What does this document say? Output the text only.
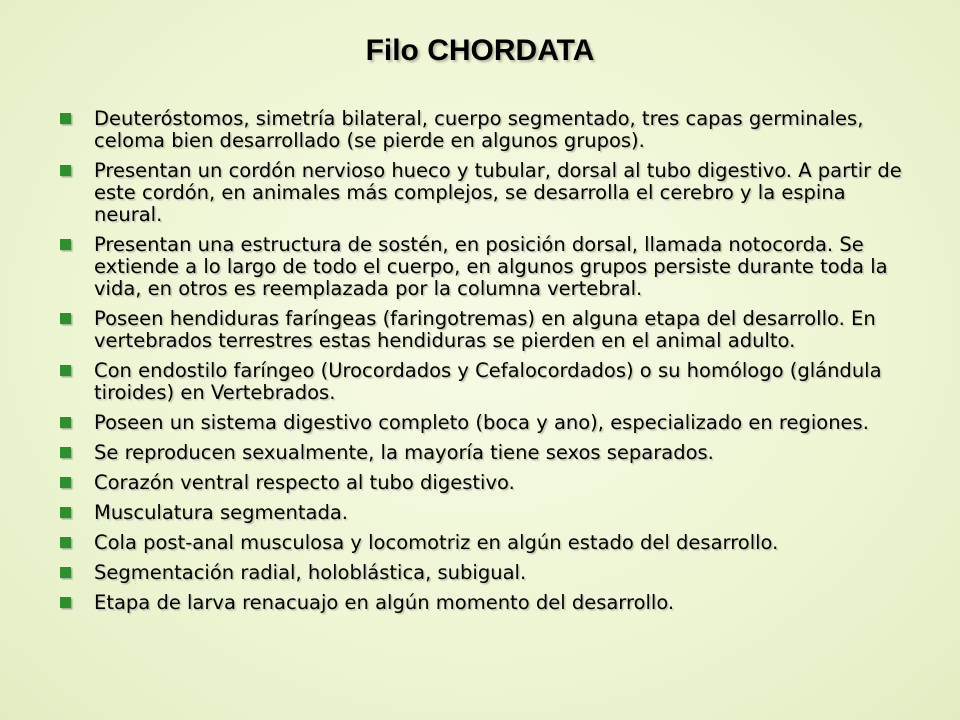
Filo CHORDATA
Deuteróstomos, simetría bilateral, cuerpo segmentado, tres capas germinales, celoma bien desarrollado (se pierde en algunos grupos).
Presentan un cordón nervioso hueco y tubular, dorsal al tubo digestivo. A partir de este cordón, en animales más complejos, se desarrolla el cerebro y la espina neural.
Presentan una estructura de sostén, en posición dorsal, llamada notocorda. Se extiende a lo largo de todo el cuerpo, en algunos grupos persiste durante toda la vida, en otros es reemplazada por la columna vertebral.
Poseen hendiduras faríngeas (faringotremas) en alguna etapa del desarrollo. En vertebrados terrestres estas hendiduras se pierden en el animal adulto.
Con endostilo faríngeo (Urocordados y Cefalocordados) o su homólogo (glándula tiroides) en Vertebrados.
Poseen un sistema digestivo completo (boca y ano), especializado en regiones.
Se reproducen sexualmente, la mayoría tiene sexos separados.
Corazón ventral respecto al tubo digestivo.
Musculatura segmentada.
Cola post-anal musculosa y locomotriz en algún estado del desarrollo.
Segmentación radial, holoblástica, subigual.
Etapa de larva renacuajo en algún momento del desarrollo.
